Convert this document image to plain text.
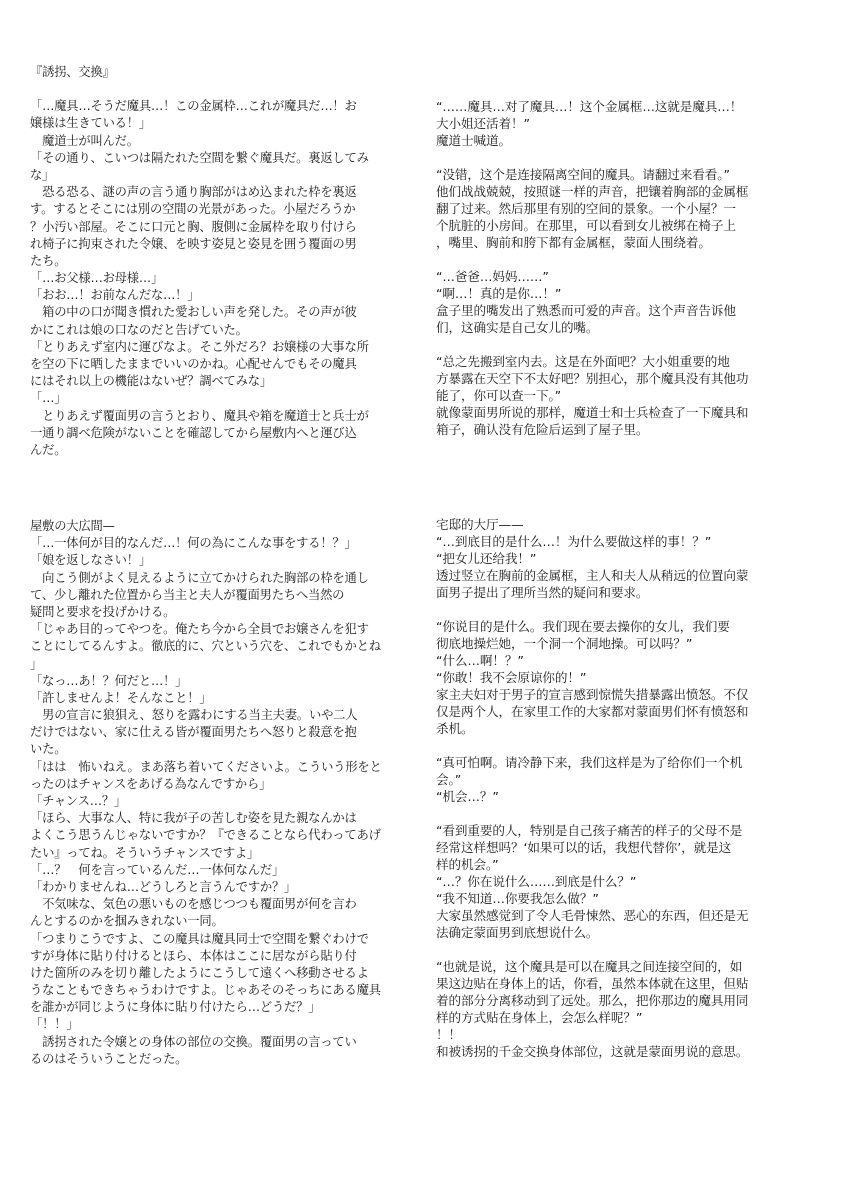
『誘拐、交換』
「…魔具…そうだ魔具…！この金属枠…これが魔具だ…！お
嬢様は生きている！」
　魔道士が叫んだ。
「その通り、こいつは隔たれた空間を繋ぐ魔具だ。裏返してみ
な」
　恐る恐る、謎の声の言う通り胸部がはめ込まれた枠を裏返
す。するとそこには別の空間の光景があった。小屋だろうか
？小汚い部屋。そこに口元と胸、腹側に金属枠を取り付けら
れ椅子に拘束された令嬢、を映す姿見と姿見を囲う覆面の男
たち。
「…お父様…お母様…」
「おお…！お前なんだな…！」
　箱の中の口が聞き慣れた愛おしい声を発した。その声が彼
かにこれは娘の口なのだと告げていた。
「とりあえず室内に運びなよ。そこ外だろ？お嬢様の大事な所
を空の下に晒したままでいいのかね。心配せんでもその魔具
にはそれ以上の機能はないぜ？調べてみな」
「…」
　とりあえず覆面男の言うとおり、魔具や箱を魔道士と兵士が
一通り調べ危険がないことを確認してから屋敷内へと運び込
んだ。
屋敷の大広間—
「…一体何が目的なんだ…！何の為にこんな事をする！？」
「娘を返しなさい！」
　向こう側がよく見えるように立てかけられた胸部の枠を通し
て、少し離れた位置から当主と夫人が覆面男たちへ当然の
疑問と要求を投げかける。
「じゃあ目的ってやつを。俺たち今から全員でお嬢さんを犯す
ことにしてるんすよ。徹底的に、穴という穴を、これでもかとね
」
「なっ…あ！？何だと…！」
「許しませんよ！そんなこと！」
　男の宣言に狼狽え、怒りを露わにする当主夫妻。いや二人
だけではない、家に仕える皆が覆面男たちへ怒りと殺意を抱
いた。
「はは　怖いねえ。まあ落ち着いてくださいよ。こういう形をと
ったのはチャンスをあげる為なんですから」
「チャンス…？」
「ほら、大事な人、特に我が子の苦しむ姿を見た親なんかは
よくこう思うんじゃないですか？『できることなら代わってあげ
たい』ってね。そういうチャンスですよ」
「…？　何を言っているんだ…一体何なんだ」
「わかりませんね…どうしろと言うんですか？」
　不気味な、気色の悪いものを感じつつも覆面男が何を言わ
んとするのかを掴みきれない一同。
「つまりこうですよ、この魔具は魔具同士で空間を繋ぐわけで
すが身体に貼り付けるとほら、本体はここに居ながら貼り付
けた箇所のみを切り離したようにこうして遠くへ移動させるよ
うなこともできちゃうわけですよ。じゃあそのそっちにある魔具
を誰かが同じように身体に貼り付けたら…どうだ？」
「！！」
　誘拐された令嬢との身体の部位の交換。覆面男の言ってい
るのはそういうことだった。
“……魔具…对了魔具…！这个金属框…这就是魔具…！
大小姐还活着！”
魔道士喊道。
“没错，这个是连接隔离空间的魔具。请翻过来看看。”
他们战战兢兢，按照谜一样的声音，把镶着胸部的金属框
翻了过来。然后那里有别的空间的景象。一个小屋？一
个肮脏的小房间。在那里，可以看到女儿被绑在椅子上
，嘴里、胸前和胯下都有金属框，蒙面人围绕着。
“…爸爸…妈妈……”
“啊…！真的是你…！”
盒子里的嘴发出了熟悉而可爱的声音。这个声音告诉他
们，这确实是自己女儿的嘴。
“总之先搬到室内去。这是在外面吧？大小姐重要的地
方暴露在天空下不太好吧？别担心，那个魔具没有其他功
能了，你可以查一下。”
就像蒙面男所说的那样，魔道士和士兵检查了一下魔具和
箱子，确认没有危险后运到了屋子里。
宅邸的大厅——
“…到底目的是什么…！为什么要做这样的事！？”
“把女儿还给我！”
透过竖立在胸前的金属框，主人和夫人从稍远的位置向蒙
面男子提出了理所当然的疑问和要求。
“你说目的是什么。我们现在要去操你的女儿，我们要
彻底地操烂她，一个洞一个洞地操。可以吗？”
“什么…啊！？”
“你敢！我不会原谅你的！”
家主夫妇对于男子的宣言感到惊慌失措暴露出愤怒。不仅
仅是两个人，在家里工作的大家都对蒙面男们怀有愤怒和
杀机。
“真可怕啊。请冷静下来，我们这样是为了给你们一个机
会。”
“机会…？”
“看到重要的人，特别是自己孩子痛苦的样子的父母不是
经常这样想吗？‘如果可以的话，我想代替你’，就是这
样的机会。”
“…？你在说什么……到底是什么？”
“我不知道…你要我怎么做？”
大家虽然感觉到了令人毛骨悚然、恶心的东西，但还是无
法确定蒙面男到底想说什么。
“也就是说，这个魔具是可以在魔具之间连接空间的，如
果这边贴在身体上的话，你看，虽然本体就在这里，但贴
着的部分分离移动到了远处。那么，把你那边的魔具用同
样的方式贴在身体上，会怎么样呢？”
！！
和被诱拐的千金交换身体部位，这就是蒙面男说的意思。
